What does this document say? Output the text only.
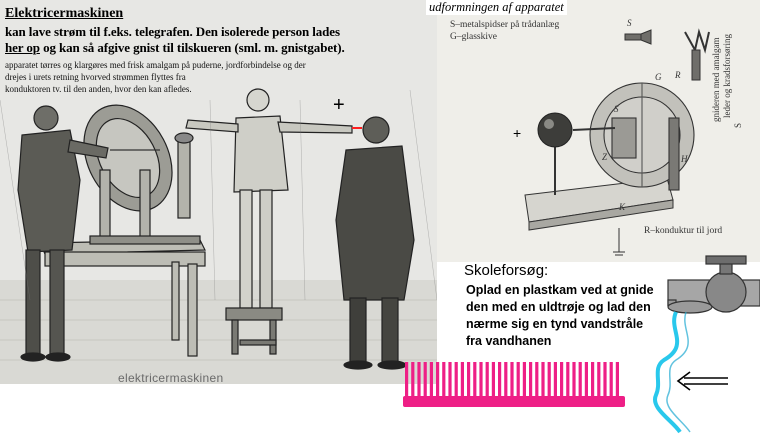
Elektricermaskinen
kan lave strøm til f.eks. telegrafen. Den isolerede person lades
her op og kan så afgive gnist til tilskueren (sml. m. gnistgabet).
apparatet tørres og klargøres med frisk amalgam på puderne, jordforbindelse og der
drejes i urets retning hvorved strømmen flyttes fra
konduktoren tv. til den anden, hvor den kan afledes.
+
elektricermaskinen
S
R
G
S
Z
K
H
+
udformningen af apparatet
S–metalspidser på trådanlæg
G–glasskive
R–konduktur til jord
gnideren med amalgam leder og kradsforsøring
S
Skoleforsøg:
Oplad en plastkam ved at gnide
den med en uldtrøje og lad den
nærme sig en tynd vandstråle
fra vandhanen
